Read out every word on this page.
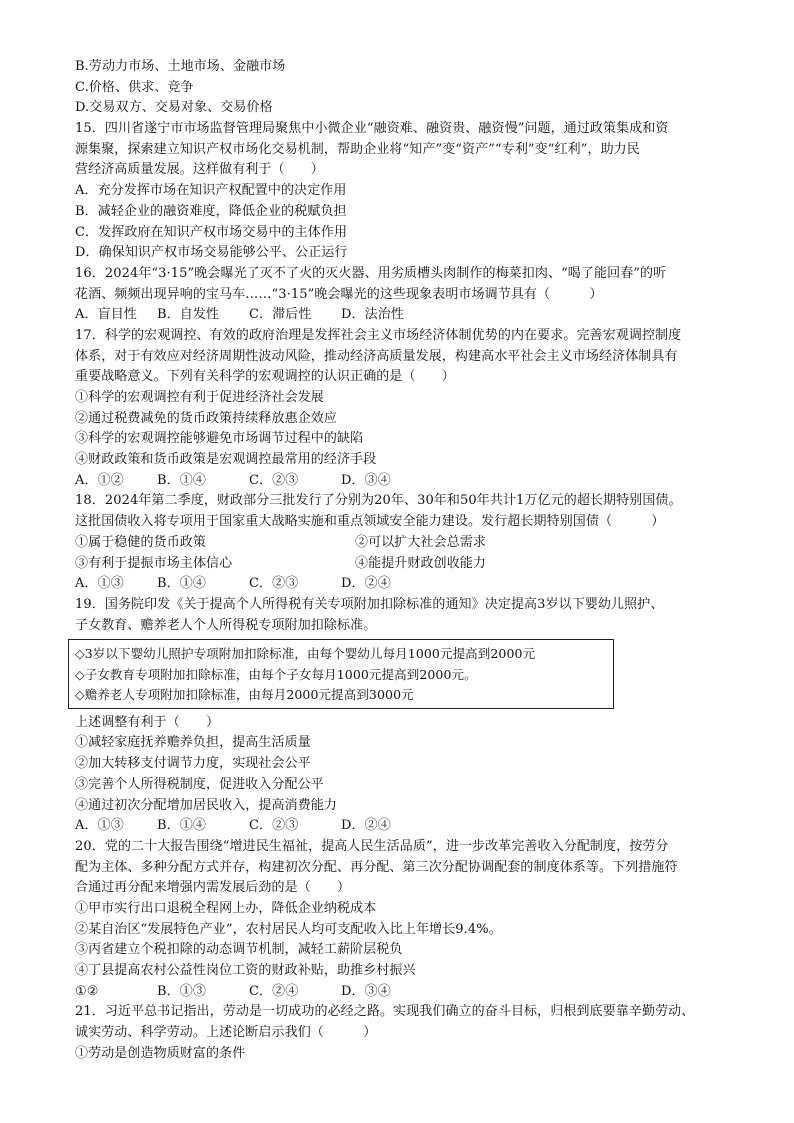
B.劳动力市场、土地市场、金融市场
C.价格、供求、竞争
D.交易双方、交易对象、交易价格
15．四川省遂宁市市场监督管理局聚焦中小微企业“融资难、融资贵、融资慢”问题，通过政策集成和资
源集聚，探索建立知识产权市场化交易机制，帮助企业将“知产”变“资产”“专利”变“红利”，助力民
营经济高质量发展。这样做有利于（　　）
A．充分发挥市场在知识产权配置中的决定作用
B．减轻企业的融资难度，降低企业的税赋负担
C．发挥政府在知识产权市场交易中的主体作用
D．确保知识产权市场交易能够公平、公正运行
16．2024年“3·15”晚会曝光了灭不了火的灭火器、用劣质槽头肉制作的梅菜扣肉、“喝了能回春”的听
花酒、频频出现异响的宝马车……“3·15”晚会曝光的这些现象表明市场调节具有（　　　）
A．盲目性 B．自发性 C．滞后性 D．法治性
17．科学的宏观调控、有效的政府治理是发挥社会主义市场经济体制优势的内在要求。完善宏观调控制度
体系，对于有效应对经济周期性波动风险，推动经济高质量发展，构建高水平社会主义市场经济体制具有
重要战略意义。下列有关科学的宏观调控的认识正确的是（　　）
①科学的宏观调控有利于促进经济社会发展
②通过税费减免的货币政策持续释放惠企效应
③科学的宏观调控能够避免市场调节过程中的缺陷
④财政政策和货币政策是宏观调控最常用的经济手段
A．①②	B．①④	C．②③	D．③④
18．2024年第二季度，财政部分三批发行了分别为20年、30年和50年共计1万亿元的超长期特别国债。
这批国债收入将专项用于国家重大战略实施和重点领域安全能力建设。发行超长期特别国债（　　　）
①属于稳健的货币政策	②可以扩大社会总需求
③有利于提振市场主体信心	④能提升财政创收能力
A．①③	B．①④	C．②③	D．②④
19．国务院印发《关于提高个人所得税有关专项附加扣除标准的通知》决定提高3岁以下婴幼儿照护、
子女教育、赡养老人个人所得税专项附加扣除标准。
◇3岁以下婴幼儿照护专项附加扣除标准，由每个婴幼儿每月1000元提高到2000元
◇子女教育专项附加扣除标准，由每个子女每月1000元提高到2000元。
◇赡养老人专项附加扣除标准，由每月2000元提高到3000元
上述调整有利于（　　）
①减轻家庭抚养赡养负担，提高生活质量
②加大转移支付调节力度，实现社会公平
③完善个人所得税制度，促进收入分配公平
④通过初次分配增加居民收入，提高消费能力
A．①③	B．①④	C．②③	D．②④
20．党的二十大报告围绕“增进民生福祉，提高人民生活品质”，进一步改革完善收入分配制度，按劳分
配为主体、多种分配方式并存，构建初次分配、再分配、第三次分配协调配套的制度体系等。下列措施符
合通过再分配来增强内需发展后劲的是（　　）
①甲市实行出口退税全程网上办，降低企业纳税成本
②某自治区“发展特色产业”，农村居民人均可支配收入比上年增长9.4%。
③丙省建立个税扣除的动态调节机制，减轻工薪阶层税负
④丁县提高农村公益性岗位工资的财政补贴，助推乡村振兴
①②	B．①③	C．②④	D．③④
21．习近平总书记指出，劳动是一切成功的必经之路。实现我们确立的奋斗目标，归根到底要靠辛勤劳动、
诚实劳动、科学劳动。上述论断启示我们（　　　）
①劳动是创造物质财富的条件
